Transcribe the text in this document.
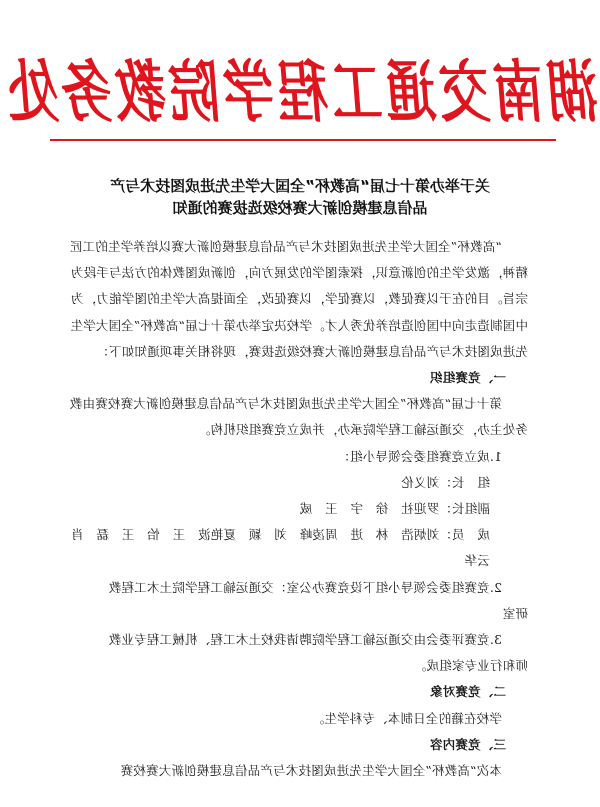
湖南交通工程学院教务处
关于举办第十七届“高教杯”全国大学生先进成图技术与产
品信息建模创新大赛校级选拔赛的通知

“高教杯”全国大学生先进成图技术与产品信息建模创新大赛以培养学生的工匠精神，激发学生的创新意识，探索图学的发展方向，创新成图教体的方法与手段为宗旨。目的在于以赛促教，以赛促学，以赛促改，全面提高大学生的图学能力，为中国制造走向中国创造培养优秀人才。学校决定举办第十七届“高教杯”全国大学生先进成图技术与产品信息建模创新大赛校级选拔赛，现将相关事项通知如下：

一、竞赛组织

第十七届“高教杯”全国大学生先进成图技术与产品信息建模创新大赛校赛由教务处主办，交通运输工程学院承办，并成立竞赛组织机构。

1.成立竞赛组委会领导小组：

组　长：刘义伦

副组长：罗迎社　徐　宇　王　威

成　员：刘炳浩　林　进　周凌峰　刘　颖　夏艳波　王　怡　王　磊　肖云华

2.竞赛组委会领导小组下设竞赛办公室：交通运输工程学院土木工程教

研室

3.竞赛评委会由交通运输工程学院聘请我校土木工程、机械工程专业教

师和行业专家组成。

二、竞赛对象

学校在籍的全日制本、专科学生。

三、竞赛内容

本次“高教杯”全国大学生先进成图技术与产品信息建模创新大赛校赛
